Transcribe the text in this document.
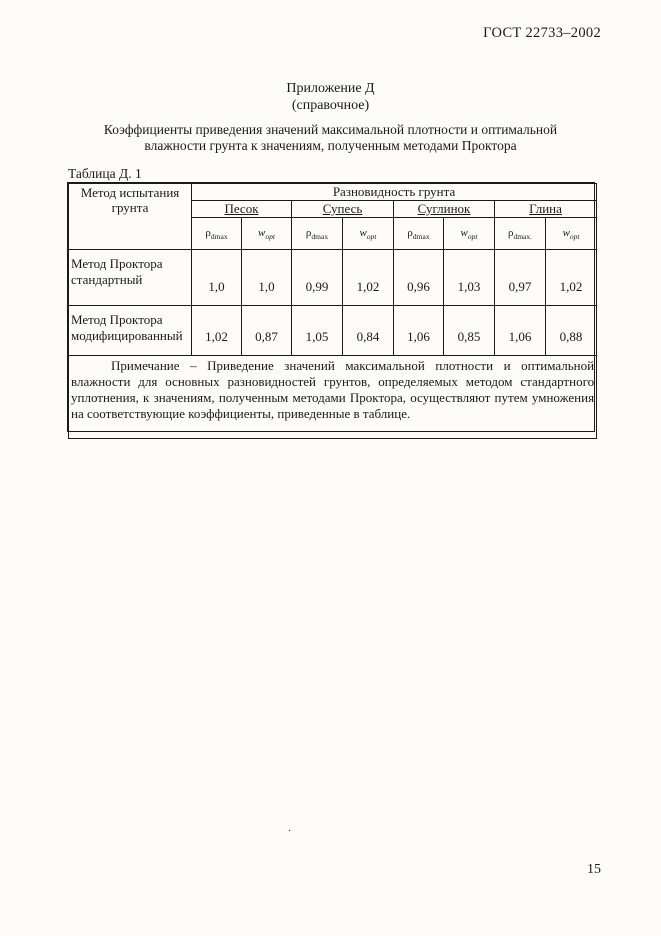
ГОСТ 22733–2002
Приложение Д
(справочное)
Коэффициенты приведения значений максимальной плотности и оптимальной
влажности грунта к значениям, полученным методами Проктора
Таблица Д. 1
Метод испытания грунта	Разновидность грунта							
	Песок		Супесь		Суглинок		Глина	
	$\rho_{dmax}$	$w_{opt}$	$\rho_{dmax}$	$w_{opt}$	$\rho_{dmax}$	$w_{opt}$	$\rho_{dmax.}$	$w_{opt}$
Метод Проктора стандартный	1,0	1,0	0,99	1,02	0,96	1,03	0,97	1,02
Метод Проктора модифицированный	1,02	0,87	1,05	0,84	1,06	0,85	1,06	0,88
Примечание – Приведение значений максимальной плотности и оптимальной влажности для основных разновидностей грунтов, определяемых методом стандартного уплотнения, к значениям, полученным методами Проктора, осуществляют путем умножения на соответствующие коэффициенты, приведенные в таблице.								
·
15
